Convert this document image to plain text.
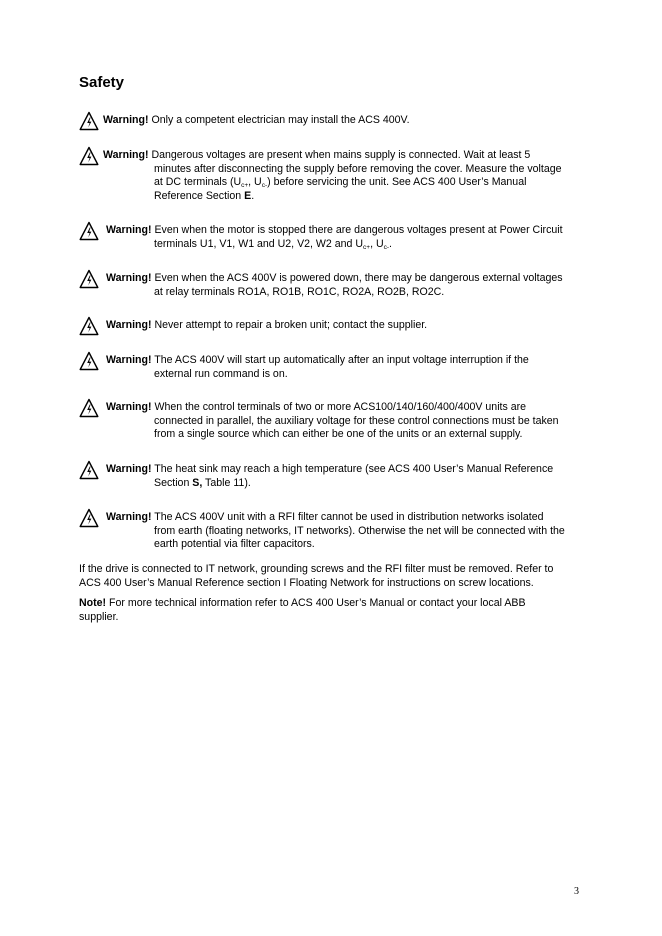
Safety
Warning! Only a competent electrician may install the ACS 400V.
Warning! Dangerous voltages are present when mains supply is connected. Wait at least 5
minutes after disconnecting the supply before removing the cover. Measure the voltage
at DC terminals ($U_{c+}$, $U_{c-}$) before servicing the unit. See ACS 400 User’s Manual
Reference Section E.
Warning! Even when the motor is stopped there are dangerous voltages present at Power Circuit
terminals U1, V1, W1 and U2, V2, W2 and $U_{c+}$, $U_{c-}$.
Warning! Even when the ACS 400V is powered down, there may be dangerous external voltages
at relay terminals RO1A, RO1B, RO1C, RO2A, RO2B, RO2C.
Warning! Never attempt to repair a broken unit; contact the supplier.
Warning! The ACS 400V will start up automatically after an input voltage interruption if the
external run command is on.
Warning! When the control terminals of two or more ACS100/140/160/400/400V units are
connected in parallel, the auxiliary voltage for these control connections must be taken
from a single source which can either be one of the units or an external supply.
Warning! The heat sink may reach a high temperature (see ACS 400 User’s Manual Reference
Section S, Table 11).
Warning! The ACS 400V unit with a RFI filter cannot be used in distribution networks isolated
from earth (floating networks, IT networks). Otherwise the net will be connected with the
earth potential via filter capacitors.
If the drive is connected to IT network, grounding screws and the RFI filter must be removed. Refer to
ACS 400 User’s Manual Reference section I Floating Network for instructions on screw locations.
Note! For more technical information refer to ACS 400 User’s Manual or contact your local ABB
supplier.
3
